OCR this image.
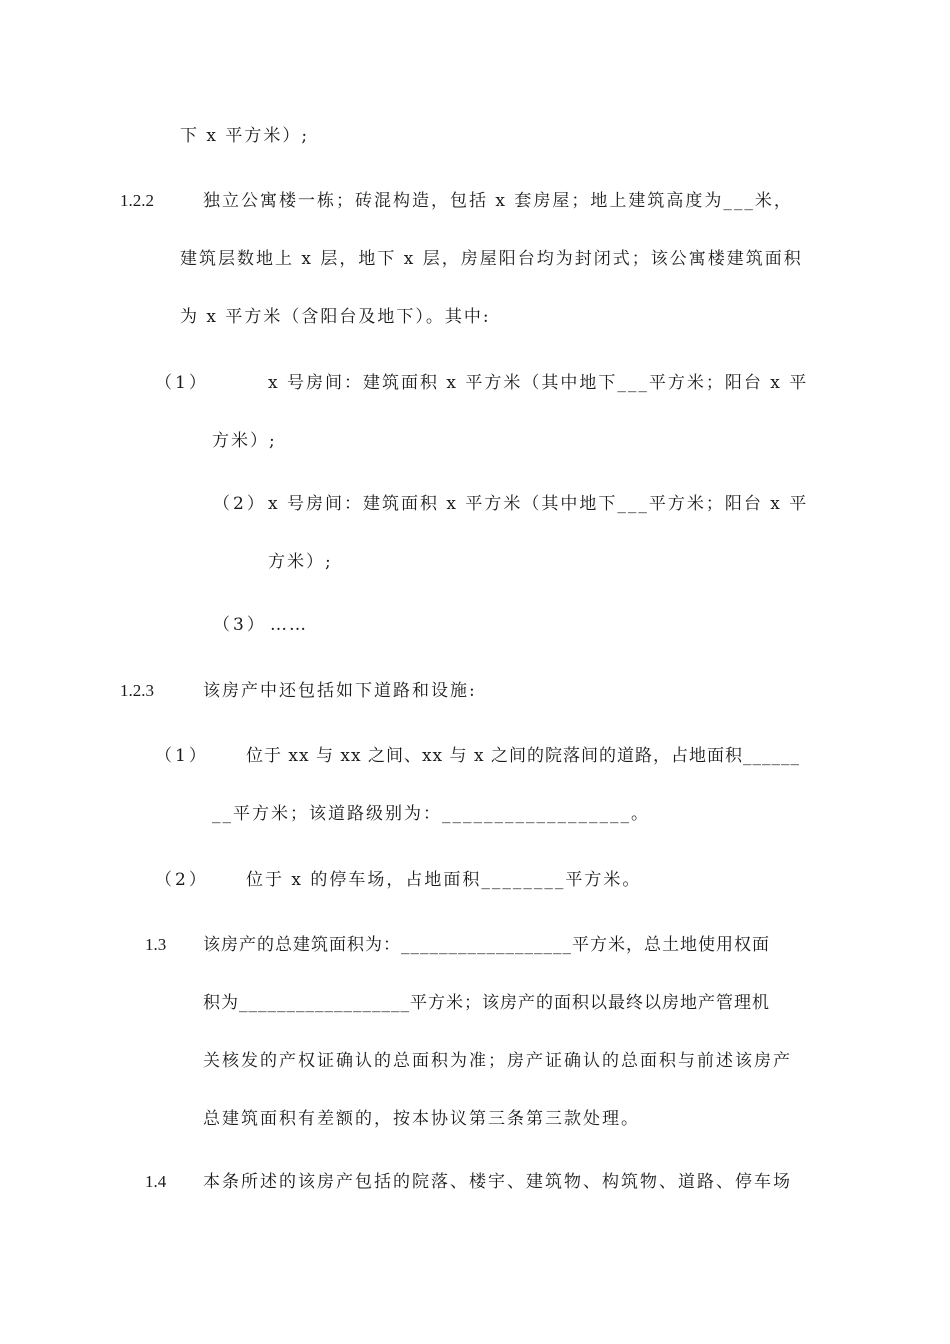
下 x 平方米）;
1.2.2	独立公寓楼一栋；砖混构造，包括 x 套房屋；地上建筑高度为___米，
建筑层数地上 x 层，地下 x 层，房屋阳台均为封闭式；该公寓楼建筑面积
为 x 平方米（含阳台及地下）。其中:
（1）	x 号房间：建筑面积 x 平方米（其中地下___平方米；阳台 x 平
方米）;
（2） x 号房间：建筑面积 x 平方米（其中地下___平方米；阳台 x 平
方米）;
（3） ……
1.2.3	该房产中还包括如下道路和设施:
（1） 位于 xx 与 xx 之间、xx 与 x 之间的院落间的道路，占地面积______
__平方米；该道路级别为：__________________。
（2） 位于 x 的停车场，占地面积________平方米。
1.3 该房产的总建筑面积为：__________________平方米，总土地使用权面
积为__________________平方米；该房产的面积以最终以房地产管理机
关核发的产权证确认的总面积为准；房产证确认的总面积与前述该房产
总建筑面积有差额的，按本协议第三条第三款处理。
1.4 本条所述的该房产包括的院落、楼宇、建筑物、构筑物、道路、停车场
